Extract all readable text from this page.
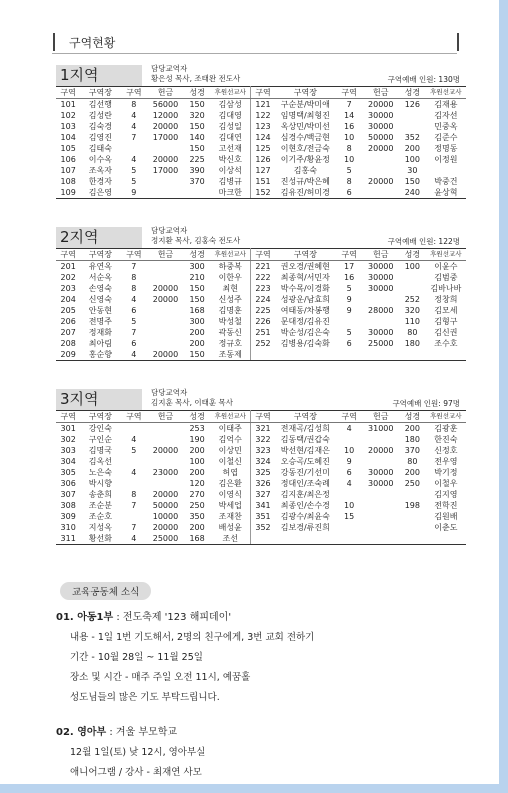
구역현황
1지역	담당교역자
황은성 목사, 조태완 전도사	구역예배 인원: 130명
구역	구역장	구역	헌금	성경	후원선교사	구역	구역장	구역	헌금	성경	후원선교사
101	김선행	8	56000	150	김삼성	121	구순분/박미애	7	20000	126	김재용
102	김성란	4	12000	320	김대영	122	임명택/최형진	14	30000		김자선
103	김숙경	4	20000	150	김성일	123	옥상민/박미선	16	30000		민중옥
104	김영진	7	17000	140	김대연	124	심경수/백금현	10	50000	352	김준수
105	김태숙			150	고선재	125	이현호/전금숙	8	20000	200	정명동
106	이수옥	4	20000	225	박신호	126	이기주/황윤정	10		100	이정원
107	조옥자	5	17000	390	이상석	127	김홍숙	5		30	
108	한경자	5		370	김병규	151	진성규/박은혜	8	20000	150	박중건
109	김은영	9			마크한	152	김유진/허미경	6		240	윤상혁
2지역	담당교역자
정지환 목사, 김홍숙 전도사	구역예배 인원: 122명
구역	구역장	구역	헌금	성경	후원선교사	구역	구역장	구역	헌금	성경	후원선교사
201	유연옥	7		300	하중복	221	권오경/권혜현	17	30000	100	이윤수
202	서순옥	8		210	이한우	222	최종혁/서민자	16	30000		김범중
203	손영숙	8	20000	150	최현	223	박수목/이경화	5	30000		김바나바
204	신영숙	4	20000	150	신성주	224	성광운/남효희	9		252	정창희
205	안동현	6		168	김명훈	225	여태동/차봉행	9	28000	320	김모세
206	전명주	5		300	박성철	226	문대정/김유진			110	김형구
207	정재화	7		200	곽동신	251	박순성/김은숙	5	30000	80	김신권
208	최아림	6		200	정규호	252	김병용/김숙화	6	25000	180	조수호
209	홍순향	4	20000	150	조동제						
3지역	담당교역자
김지훈 목사, 이태훈 목사	구역예배 인원: 97명
구역	구역장	구역	헌금	성경	후원선교사	구역	구역장	구역	헌금	성경	후원선교사
301	강인숙			253	이태주	321	전재곡/김성희	4	31000	200	김광훈
302	구인순	4		190	김억수	322	김동택/권갑숙			180	한진숙
303	김명국	5	20000	200	이상민	323	박선현/김재은	10	20000	370	신정호
304	김옥선			100	이철신	324	오승곡/도혜진	9		80	전우영
305	노은숙	4	23000	200	허엽	325	강동진/기선미	6	30000	200	박기정
306	박시향			120	김은환	326	정대인/조숙례	4	30000	250	이철우
307	송춘희	8	20000	270	이영식	327	김지훈/최은정				김지영
308	조순분	7	50000	250	박세업	341	최종인/손수경	10		198	전학진
309	조순호		10000	350	조재찬	351	김광수/최윤숙	15			김원배
310	지성옥	7	20000	200	배성윤	352	김보경/류진희				이춘도
311	황선화	4	25000	168	조선						
교육공동체 소식
01. 아동1부 : 전도축제 '123 해피데이'
내용 - 1일 1번 기도해서, 2명의 친구에게, 3번 교회 전하기
기간 - 10월 28일 ~ 11월 25일
장소 및 시간 - 매주 주일 오전 11시, 예꿈홀
성도님들의 많은 기도 부탁드립니다.
02. 영아부 : 겨울 부모학교
12월 1일(토) 낮 12시, 영아부실
애니어그램 / 강사 - 최재연 사모
